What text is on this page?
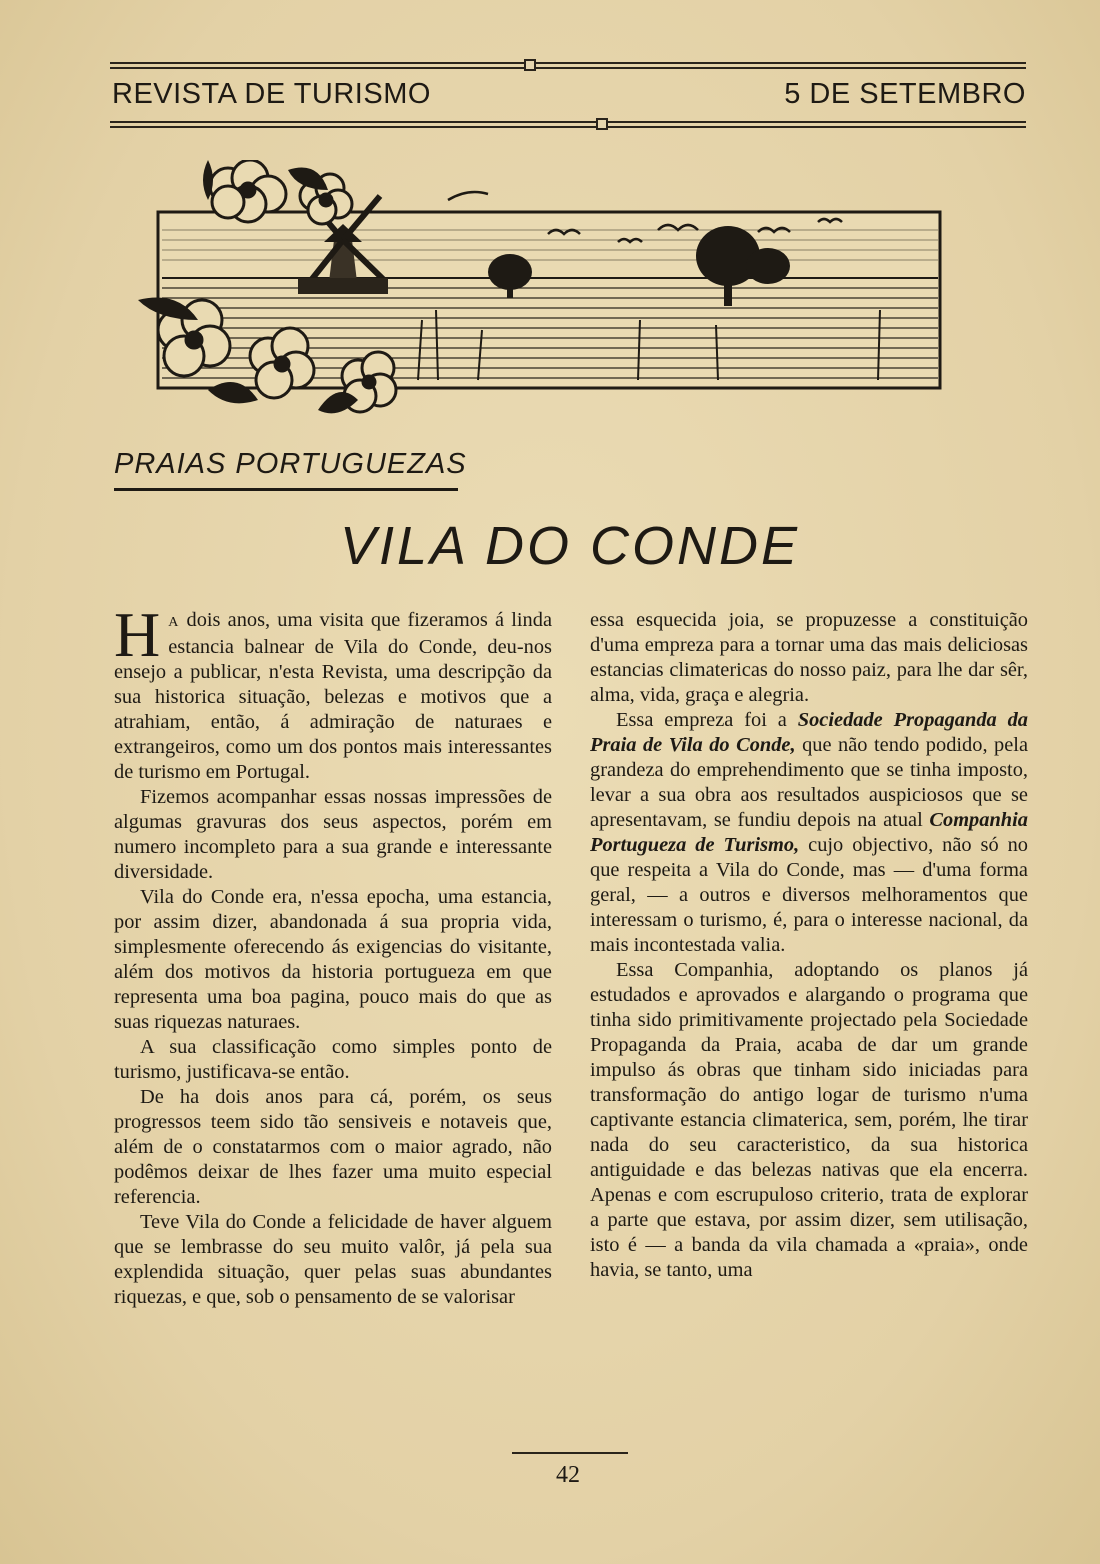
REVISTA DE TURISMO	5 DE SETEMBRO
PRAIAS PORTUGUEZAS
VILA DO CONDE

H A dois anos, uma visita que fizeramos á linda estancia balnear de Vila do Conde, deu-nos ensejo a publicar, n'esta Revista, uma descripção da sua historica situação, belezas e motivos que a atrahiam, então, á admiração de naturaes e extrangeiros, como um dos pontos mais interessantes de turismo em Portugal.

Fizemos acompanhar essas nossas impressões de algumas gravuras dos seus aspectos, porém em numero incompleto para a sua grande e interessante diversidade.

Vila do Conde era, n'essa epocha, uma estancia, por assim dizer, abandonada á sua propria vida, simplesmente oferecendo ás exigencias do visitante, além dos motivos da historia portugueza em que representa uma boa pagina, pouco mais do que as suas riquezas naturaes.

A sua classificação como simples ponto de turismo, justificava-se então.

De ha dois anos para cá, porém, os seus progressos teem sido tão sensiveis e notaveis que, além de o constatarmos com o maior agrado, não podêmos deixar de lhes fazer uma muito especial referencia.

Teve Vila do Conde a felicidade de haver alguem que se lembrasse do seu muito valôr, já pela sua explendida situação, quer pelas suas abundantes riquezas, e que, sob o pensamento de se valorisar

essa esquecida joia, se propuzesse a constituição d'uma empreza para a tornar uma das mais deliciosas estancias climatericas do nosso paiz, para lhe dar sêr, alma, vida, graça e alegria.

Essa empreza foi a Sociedade Propaganda da Praia de Vila do Conde, que não tendo podido, pela grandeza do emprehendimento que se tinha imposto, levar a sua obra aos resultados auspiciosos que se apresentavam, se fundiu depois na atual Companhia Portugueza de Turismo, cujo objectivo, não só no que respeita a Vila do Conde, mas — d'uma forma geral, — a outros e diversos melhoramentos que interessam o turismo, é, para o interesse nacional, da mais incontestada valia.

Essa Companhia, adoptando os planos já estudados e aprovados e alargando o programa que tinha sido primitivamente projectado pela Sociedade Propaganda da Praia, acaba de dar um grande impulso ás obras que tinham sido iniciadas para transformação do antigo logar de turismo n'uma captivante estancia climaterica, sem, porém, lhe tirar nada do seu caracteristico, da sua historica antiguidade e das belezas nativas que ela encerra. Apenas e com escrupuloso criterio, trata de explorar a parte que estava, por assim dizer, sem utilisação, isto é — a banda da vila chamada a «praia», onde havia, se tanto, uma

42
